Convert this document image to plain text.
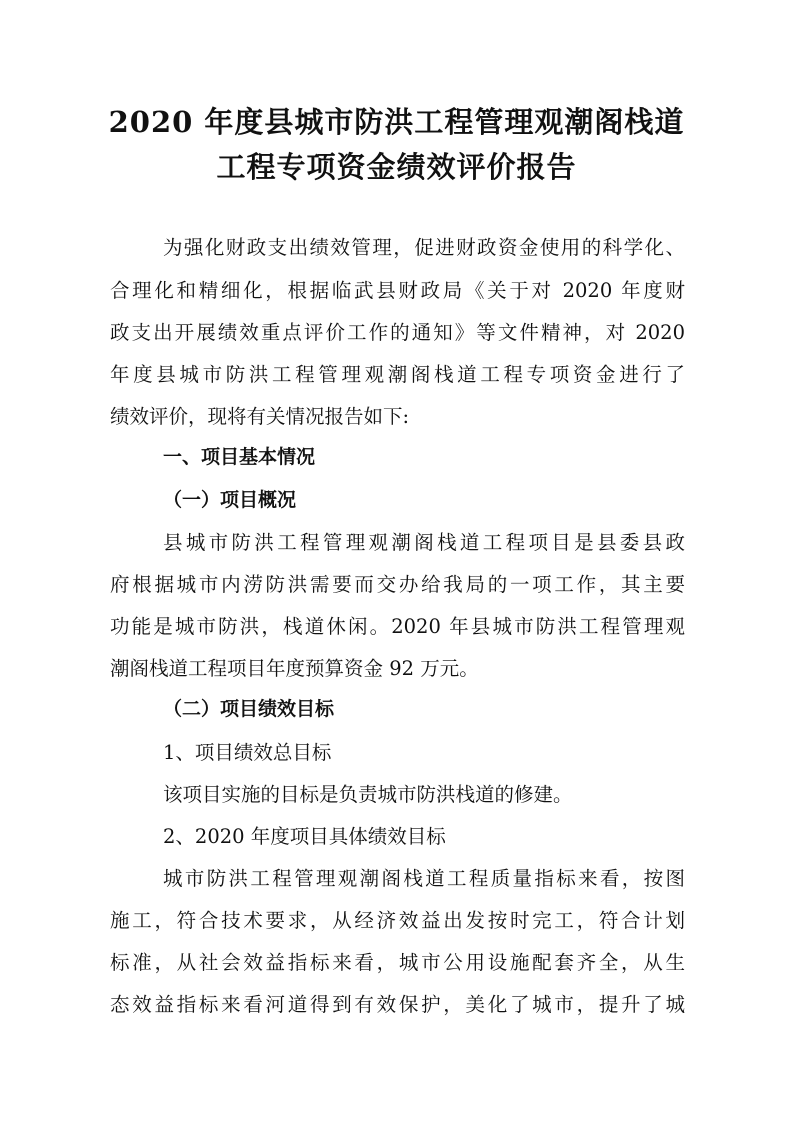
2020 年度县城市防洪工程管理观潮阁栈道
工程专项资金绩效评价报告
为强化财政支出绩效管理，促进财政资金使用的科学化、
合理化和精细化，根据临武县财政局《关于对 2020 年度财
政支出开展绩效重点评价工作的通知》等文件精神，对 2020
年度县城市防洪工程管理观潮阁栈道工程专项资金进行了
绩效评价，现将有关情况报告如下:
一、项目基本情况
（一）项目概况
县城市防洪工程管理观潮阁栈道工程项目是县委县政
府根据城市内涝防洪需要而交办给我局的一项工作，其主要
功能是城市防洪，栈道休闲。2020 年县城市防洪工程管理观
潮阁栈道工程项目年度预算资金 92 万元。
（二）项目绩效目标
1、项目绩效总目标
该项目实施的目标是负责城市防洪栈道的修建。
2、2020 年度项目具体绩效目标
城市防洪工程管理观潮阁栈道工程质量指标来看，按图
施工，符合技术要求，从经济效益出发按时完工，符合计划
标准，从社会效益指标来看，城市公用设施配套齐全，从生
态效益指标来看河道得到有效保护，美化了城市，提升了城
